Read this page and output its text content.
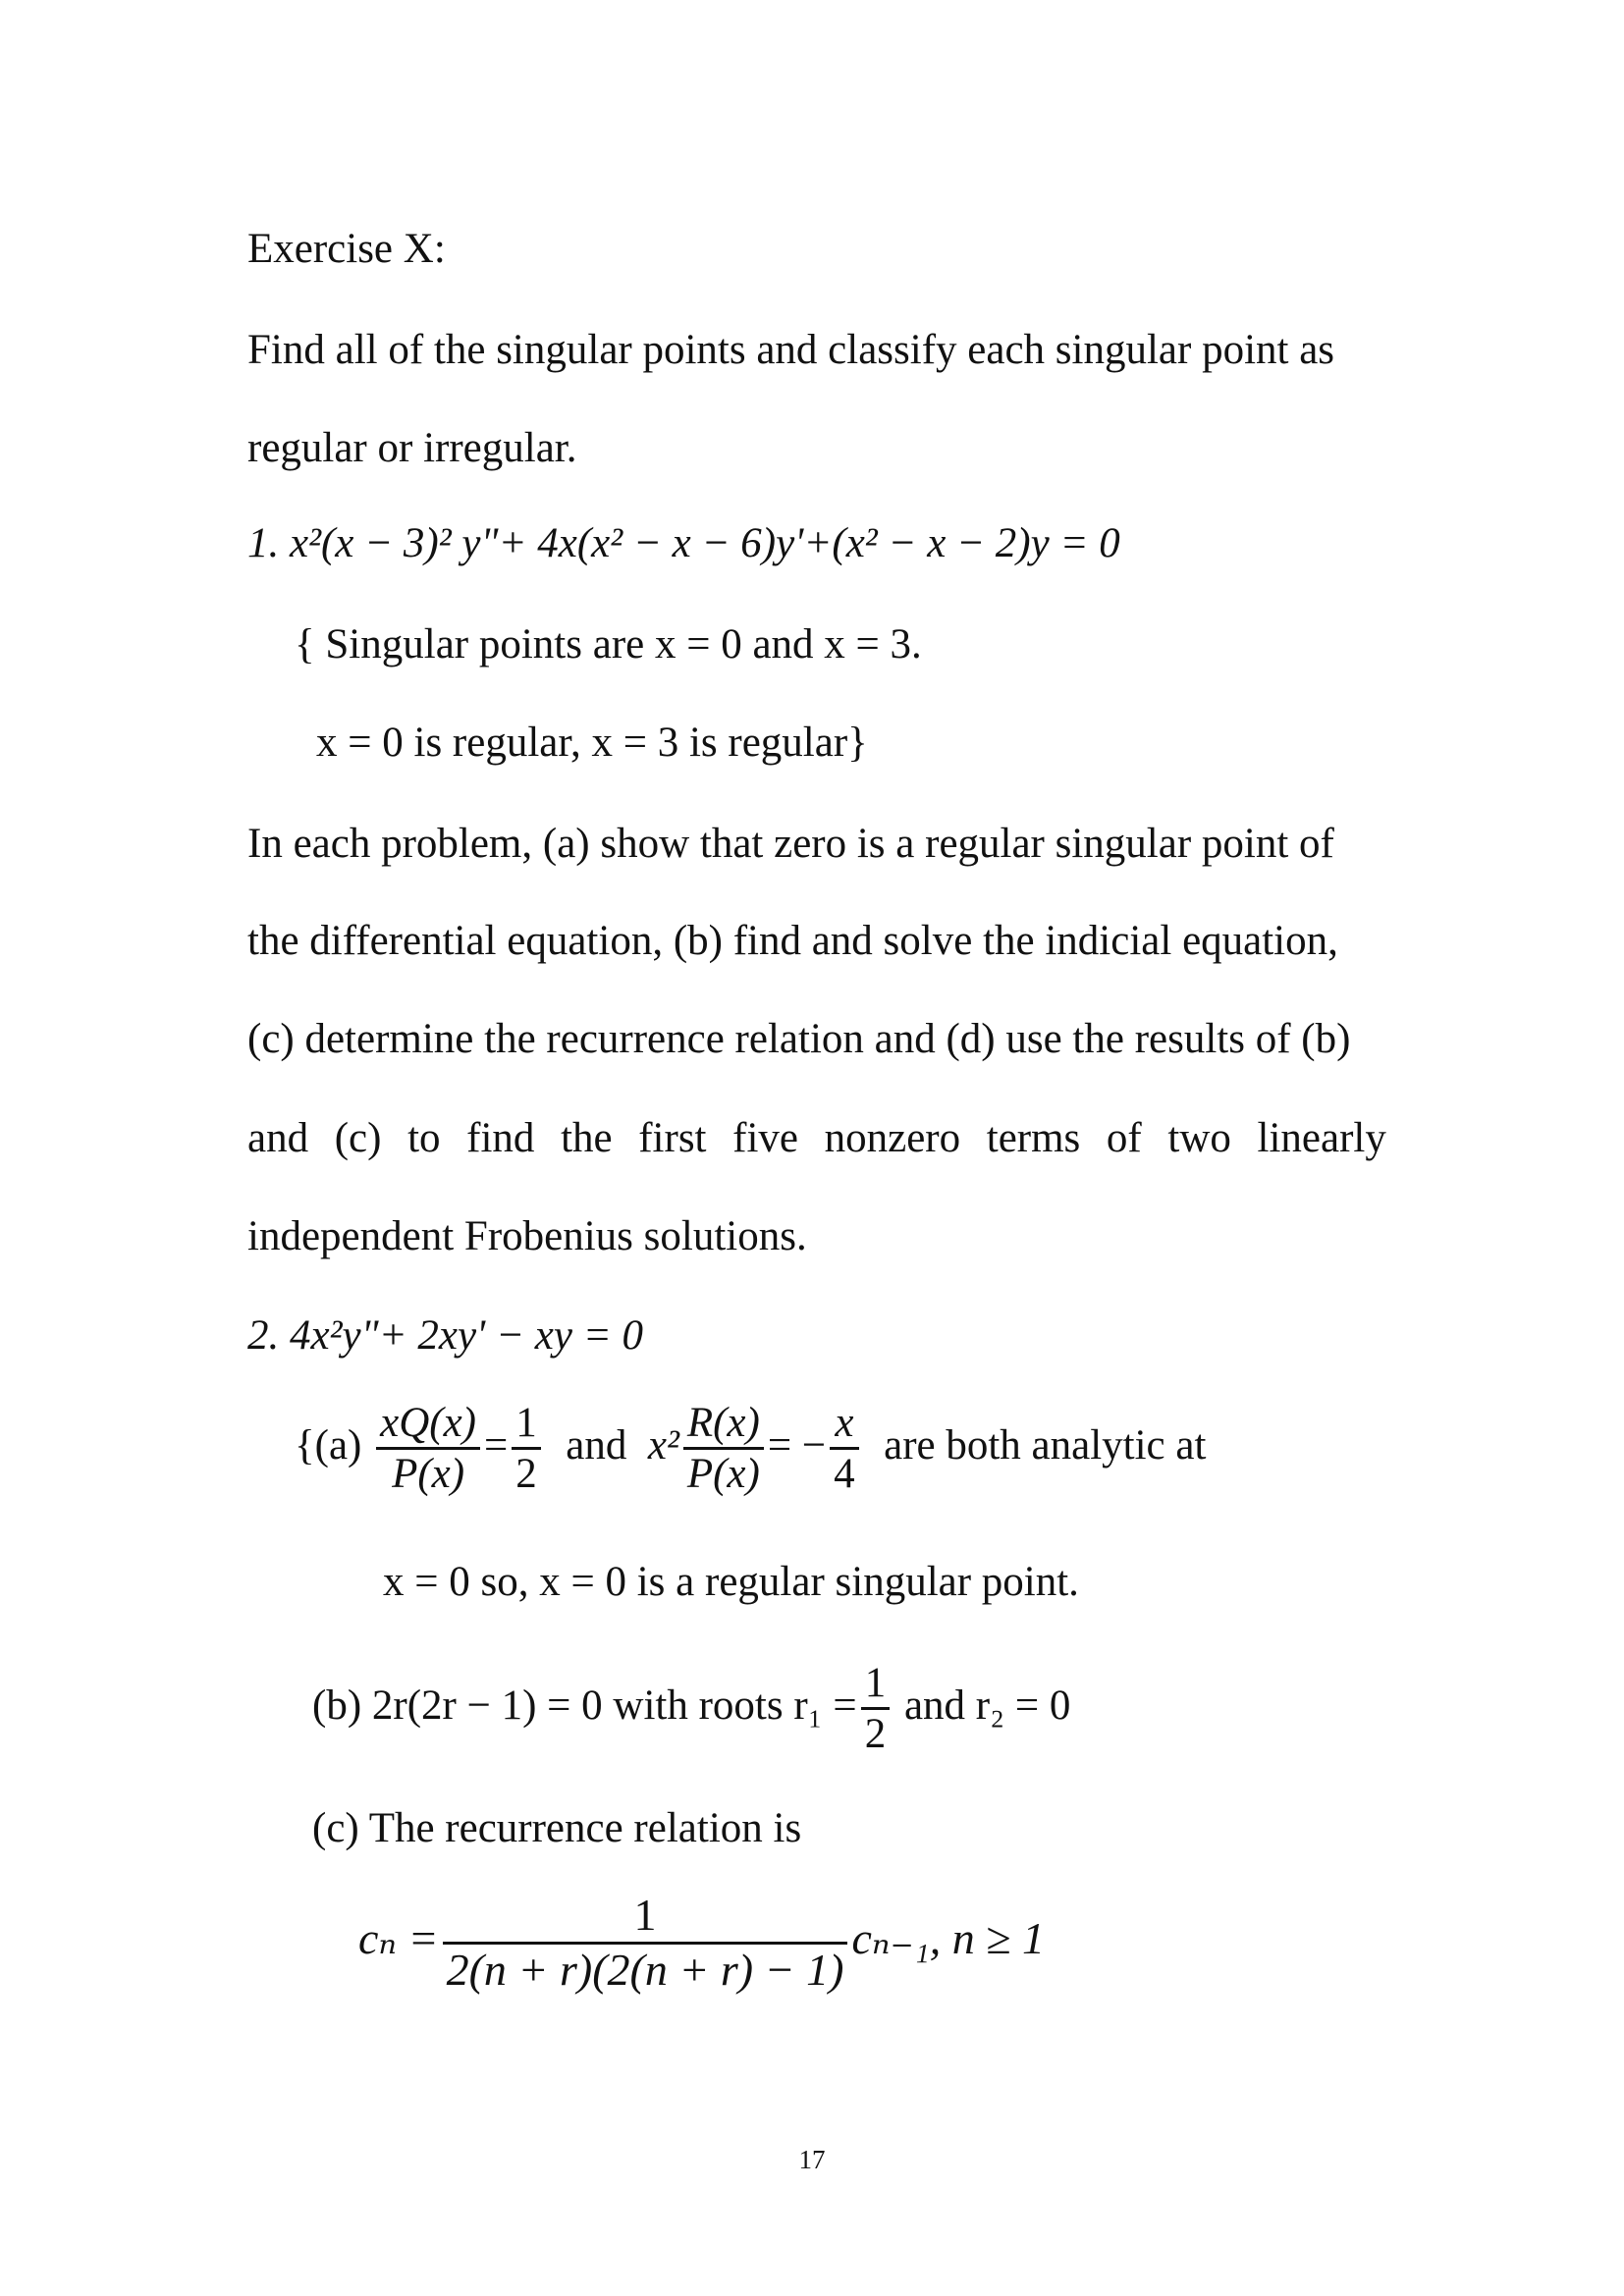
Exercise X:
Find all of the singular points and classify each singular point as
regular or irregular.
1. x²(x − 3)² y"+ 4x(x² − x − 6)y'+(x² − x − 2)y = 0
{ Singular points are x = 0 and x = 3.
x = 0 is regular, x = 3 is regular}
In each problem, (a) show that zero is a regular singular point of
the differential equation, (b) find and solve the indicial equation,
(c) determine the recurrence relation and (d) use the results of (b)
and (c) to find the first five nonzero terms of two linearly
independent Frobenius solutions.
2. 4x²y"+ 2xy' − xy = 0
{$(a) \frac{xQ(x)}{P(x)} = \frac{1}{2}$ and $x^2 \frac{R(x)}{P(x)}$ = − $\frac{x}{4}$ are both analytic at
x = 0 so, x = 0 is a regular singular point.
(b) 2r(2r − 1) = 0 with roots $r_1 = \frac{1}{2}$ and r₂ = 0
(c) The recurrence relation is
$c_n = \frac{1}{2(n + r)(2(n + r) - 1)} c_{n-1}$, n ≥ 1
17
